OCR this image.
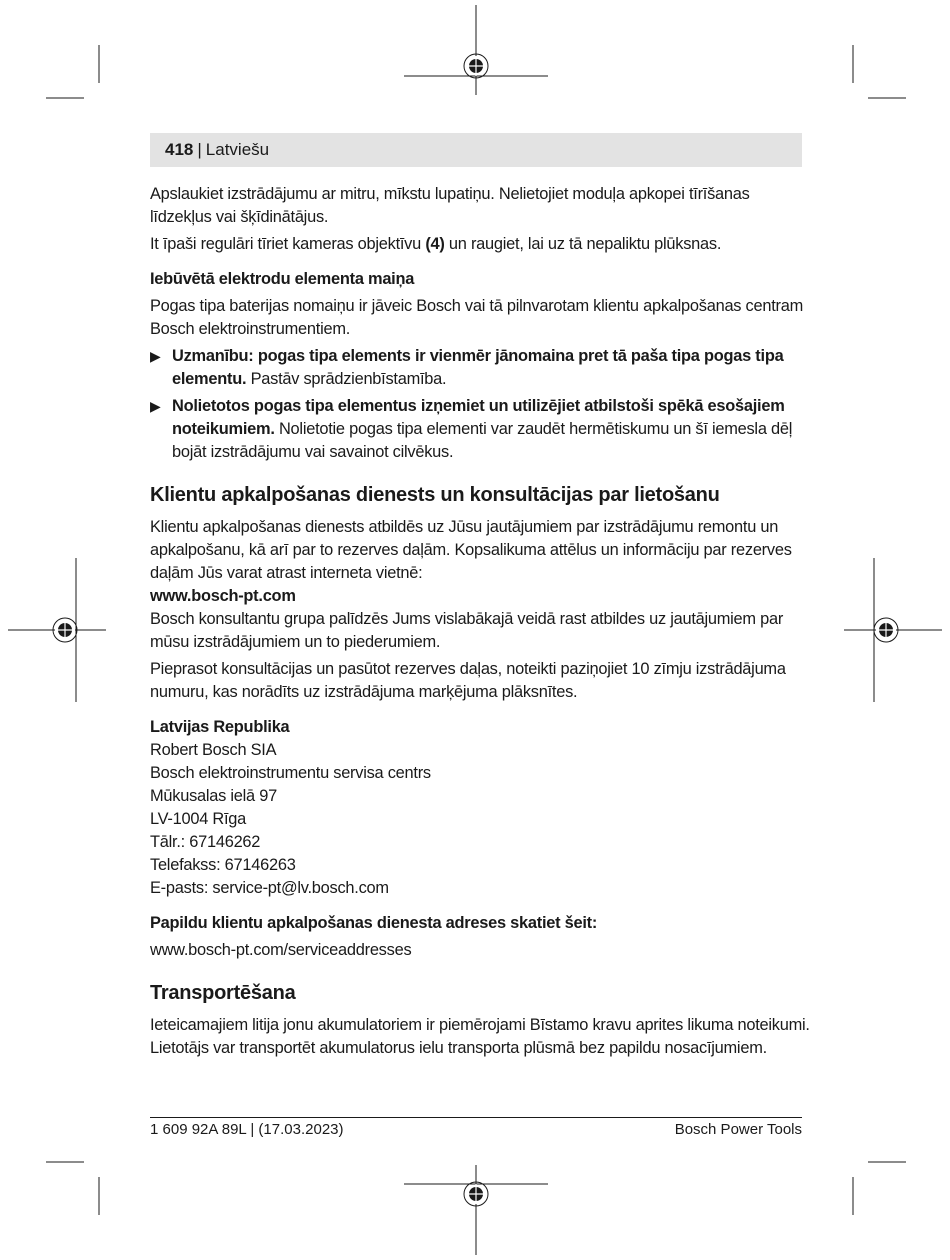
418 | Latviešu

Apslaukiet izstrādājumu ar mitru, mīkstu lupatiņu. Nelietojiet moduļa apkopei tīrīšanas līdzekļus vai šķīdinātājus.

It īpaši regulāri tīriet kameras objektīvu (4) un raugiet, lai uz tā nepaliktu plūksnas.

Iebūvētā elektrodu elementa maiņa

Pogas tipa baterijas nomaiņu ir jāveic Bosch vai tā pilnvarotam klientu apkalpošanas centram Bosch elektroinstrumentiem.

▶ Uzmanību: pogas tipa elements ir vienmēr jānomaina pret tā paša tipa pogas tipa elementu. Pastāv sprādzienbīstamība.
▶ Nolietotos pogas tipa elementus izņemiet un utilizējiet atbilstoši spēkā esošajiem noteikumiem. Nolietotie pogas tipa elementi var zaudēt hermētiskumu un šī iemesla dēļ bojāt izstrādājumu vai savainot cilvēkus.

Klientu apkalpošanas dienests un konsultācijas par lietošanu

Klientu apkalpošanas dienests atbildēs uz Jūsu jautājumiem par izstrādājumu remontu un apkalpošanu, kā arī par to rezerves daļām. Kopsalikuma attēlus un informāciju par rezerves daļām Jūs varat atrast interneta vietnē:

www.bosch-pt.com

Bosch konsultantu grupa palīdzēs Jums vislabākajā veidā rast atbildes uz jautājumiem par mūsu izstrādājumiem un to piederumiem.

Pieprasot konsultācijas un pasūtot rezerves daļas, noteikti paziņojiet 10 zīmju izstrādājuma numuru, kas norādīts uz izstrādājuma marķējuma plāksnītes.

Latvijas Republika

Robert Bosch SIA

Bosch elektroinstrumentu servisa centrs

Mūkusalas ielā 97

LV-1004 Rīga

Tālr.: 67146262

Telefakss: 67146263

E-pasts: service-pt@lv.bosch.com

Papildu klientu apkalpošanas dienesta adreses skatiet šeit:

www.bosch-pt.com/serviceaddresses

Transportēšana

Ieteicamajiem litija jonu akumulatoriem ir piemērojami Bīstamo kravu aprites likuma noteikumi. Lietotājs var transportēt akumulatorus ielu transporta plūsmā bez papildu nosacījumiem.

1 609 92A 89L | (17.03.2023)	Bosch Power Tools
